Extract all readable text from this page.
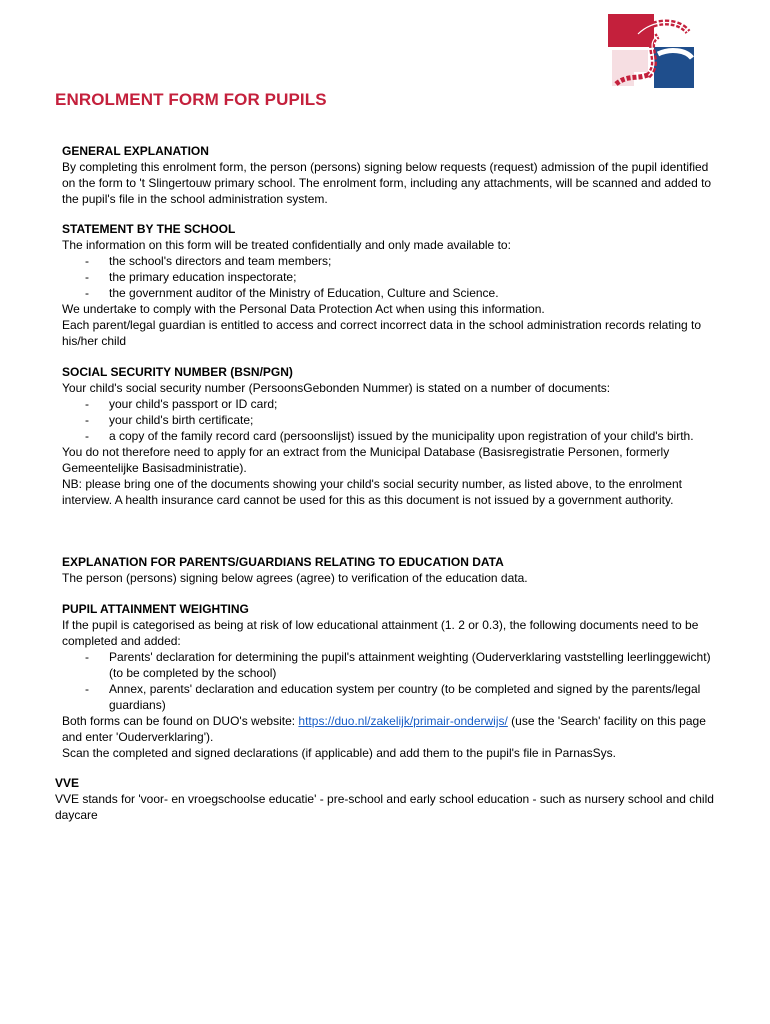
ENROLMENT FORM FOR PUPILS
GENERAL EXPLANATION

By completing this enrolment form, the person (persons) signing below requests (request) admission of the pupil identified on the form to 't Slingertouw primary school. The enrolment form, including any attachments, will be scanned and added to the pupil's file in the school administration system.

STATEMENT BY THE SCHOOL

The information on this form will be treated confidentially and only made available to:

- the school's directors and team members;
- the primary education inspectorate;
- the government auditor of the Ministry of Education, Culture and Science.

We undertake to comply with the Personal Data Protection Act when using this information.

Each parent/legal guardian is entitled to access and correct incorrect data in the school administration records relating to his/her child

SOCIAL SECURITY NUMBER (BSN/PGN)

Your child's social security number (PersoonsGebonden Nummer) is stated on a number of documents:

- your child's passport or ID card;
- your child's birth certificate;
- a copy of the family record card (persoonslijst) issued by the municipality upon registration of your child's birth.

You do not therefore need to apply for an extract from the Municipal Database (Basisregistratie Personen, formerly Gemeentelijke Basisadministratie).

NB: please bring one of the documents showing your child's social security number, as listed above, to the enrolment interview. A health insurance card cannot be used for this as this document is not issued by a government authority.

EXPLANATION FOR PARENTS/GUARDIANS RELATING TO EDUCATION DATA

The person (persons) signing below agrees (agree) to verification of the education data.

PUPIL ATTAINMENT WEIGHTING

If the pupil is categorised as being at risk of low educational attainment (1. 2 or 0.3), the following documents need to be completed and added:

- Parents' declaration for determining the pupil's attainment weighting (Ouderverklaring vaststelling leerlinggewicht) (to be completed by the school)
- Annex, parents' declaration and education system per country (to be completed and signed by the parents/legal guardians)

Both forms can be found on DUO's website: https://duo.nl/zakelijk/primair-onderwijs/ (use the 'Search' facility on this page and enter 'Ouderverklaring').

Scan the completed and signed declarations (if applicable) and add them to the pupil's file in ParnasSys.

VVE

VVE stands for 'voor- en vroegschoolse educatie' - pre-school and early school education - such as nursery school and child daycare
